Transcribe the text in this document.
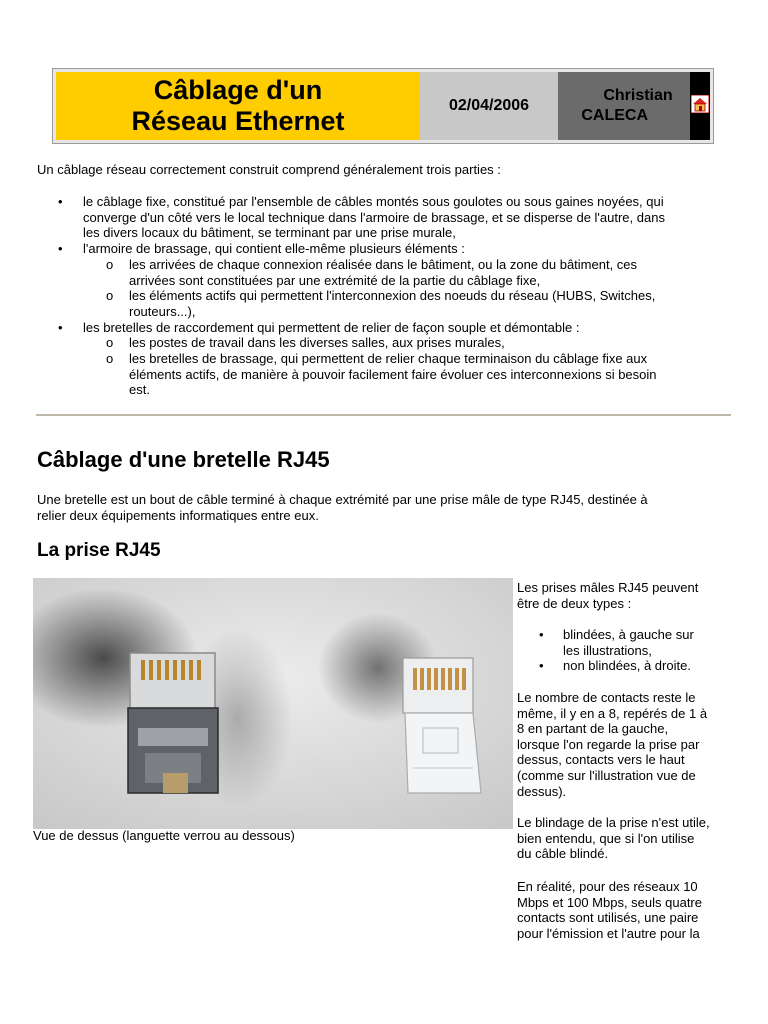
Câblage d'un
Réseau Ethernet
02/04/2006
Christian
CALECA
Un câblage réseau correctement construit comprend généralement trois parties :
• le câblage fixe, constitué par l'ensemble de câbles montés sous goulotes ou sous gaines noyées, qui
converge d'un côté vers le local technique dans l'armoire de brassage, et se disperse de l'autre, dans
les divers locaux du bâtiment, se terminant par une prise murale,
• l'armoire de brassage, qui contient elle-même plusieurs éléments :
o les arrivées de chaque connexion réalisée dans le bâtiment, ou la zone du bâtiment, ces
arrivées sont constituées par une extrémité de la partie du câblage fixe,
o les éléments actifs qui permettent l'interconnexion des noeuds du réseau (HUBS, Switches,
routeurs...),
• les bretelles de raccordement qui permettent de relier de façon souple et démontable :
o les postes de travail dans les diverses salles, aux prises murales,
o les bretelles de brassage, qui permettent de relier chaque terminaison du câblage fixe aux
éléments actifs, de manière à pouvoir facilement faire évoluer ces interconnexions si besoin
est.
Câblage d'une bretelle RJ45
Une bretelle est un bout de câble terminé à chaque extrémité par une prise mâle de type RJ45, destinée à
relier deux équipements informatiques entre eux.
La prise RJ45
Vue de dessus (languette verrou au dessous)
Les prises mâles RJ45 peuvent
être de deux types :
• blindées, à gauche sur
les illustrations,
• non blindées, à droite.
Le nombre de contacts reste le
même, il y en a 8, repérés de 1 à
8 en partant de la gauche,
lorsque l'on regarde la prise par
dessus, contacts vers le haut
(comme sur l'illustration vue de
dessus).
Le blindage de la prise n'est utile,
bien entendu, que si l'on utilise
du câble blindé.
En réalité, pour des réseaux 10
Mbps et 100 Mbps, seuls quatre
contacts sont utilisés, une paire
pour l'émission et l'autre pour la
